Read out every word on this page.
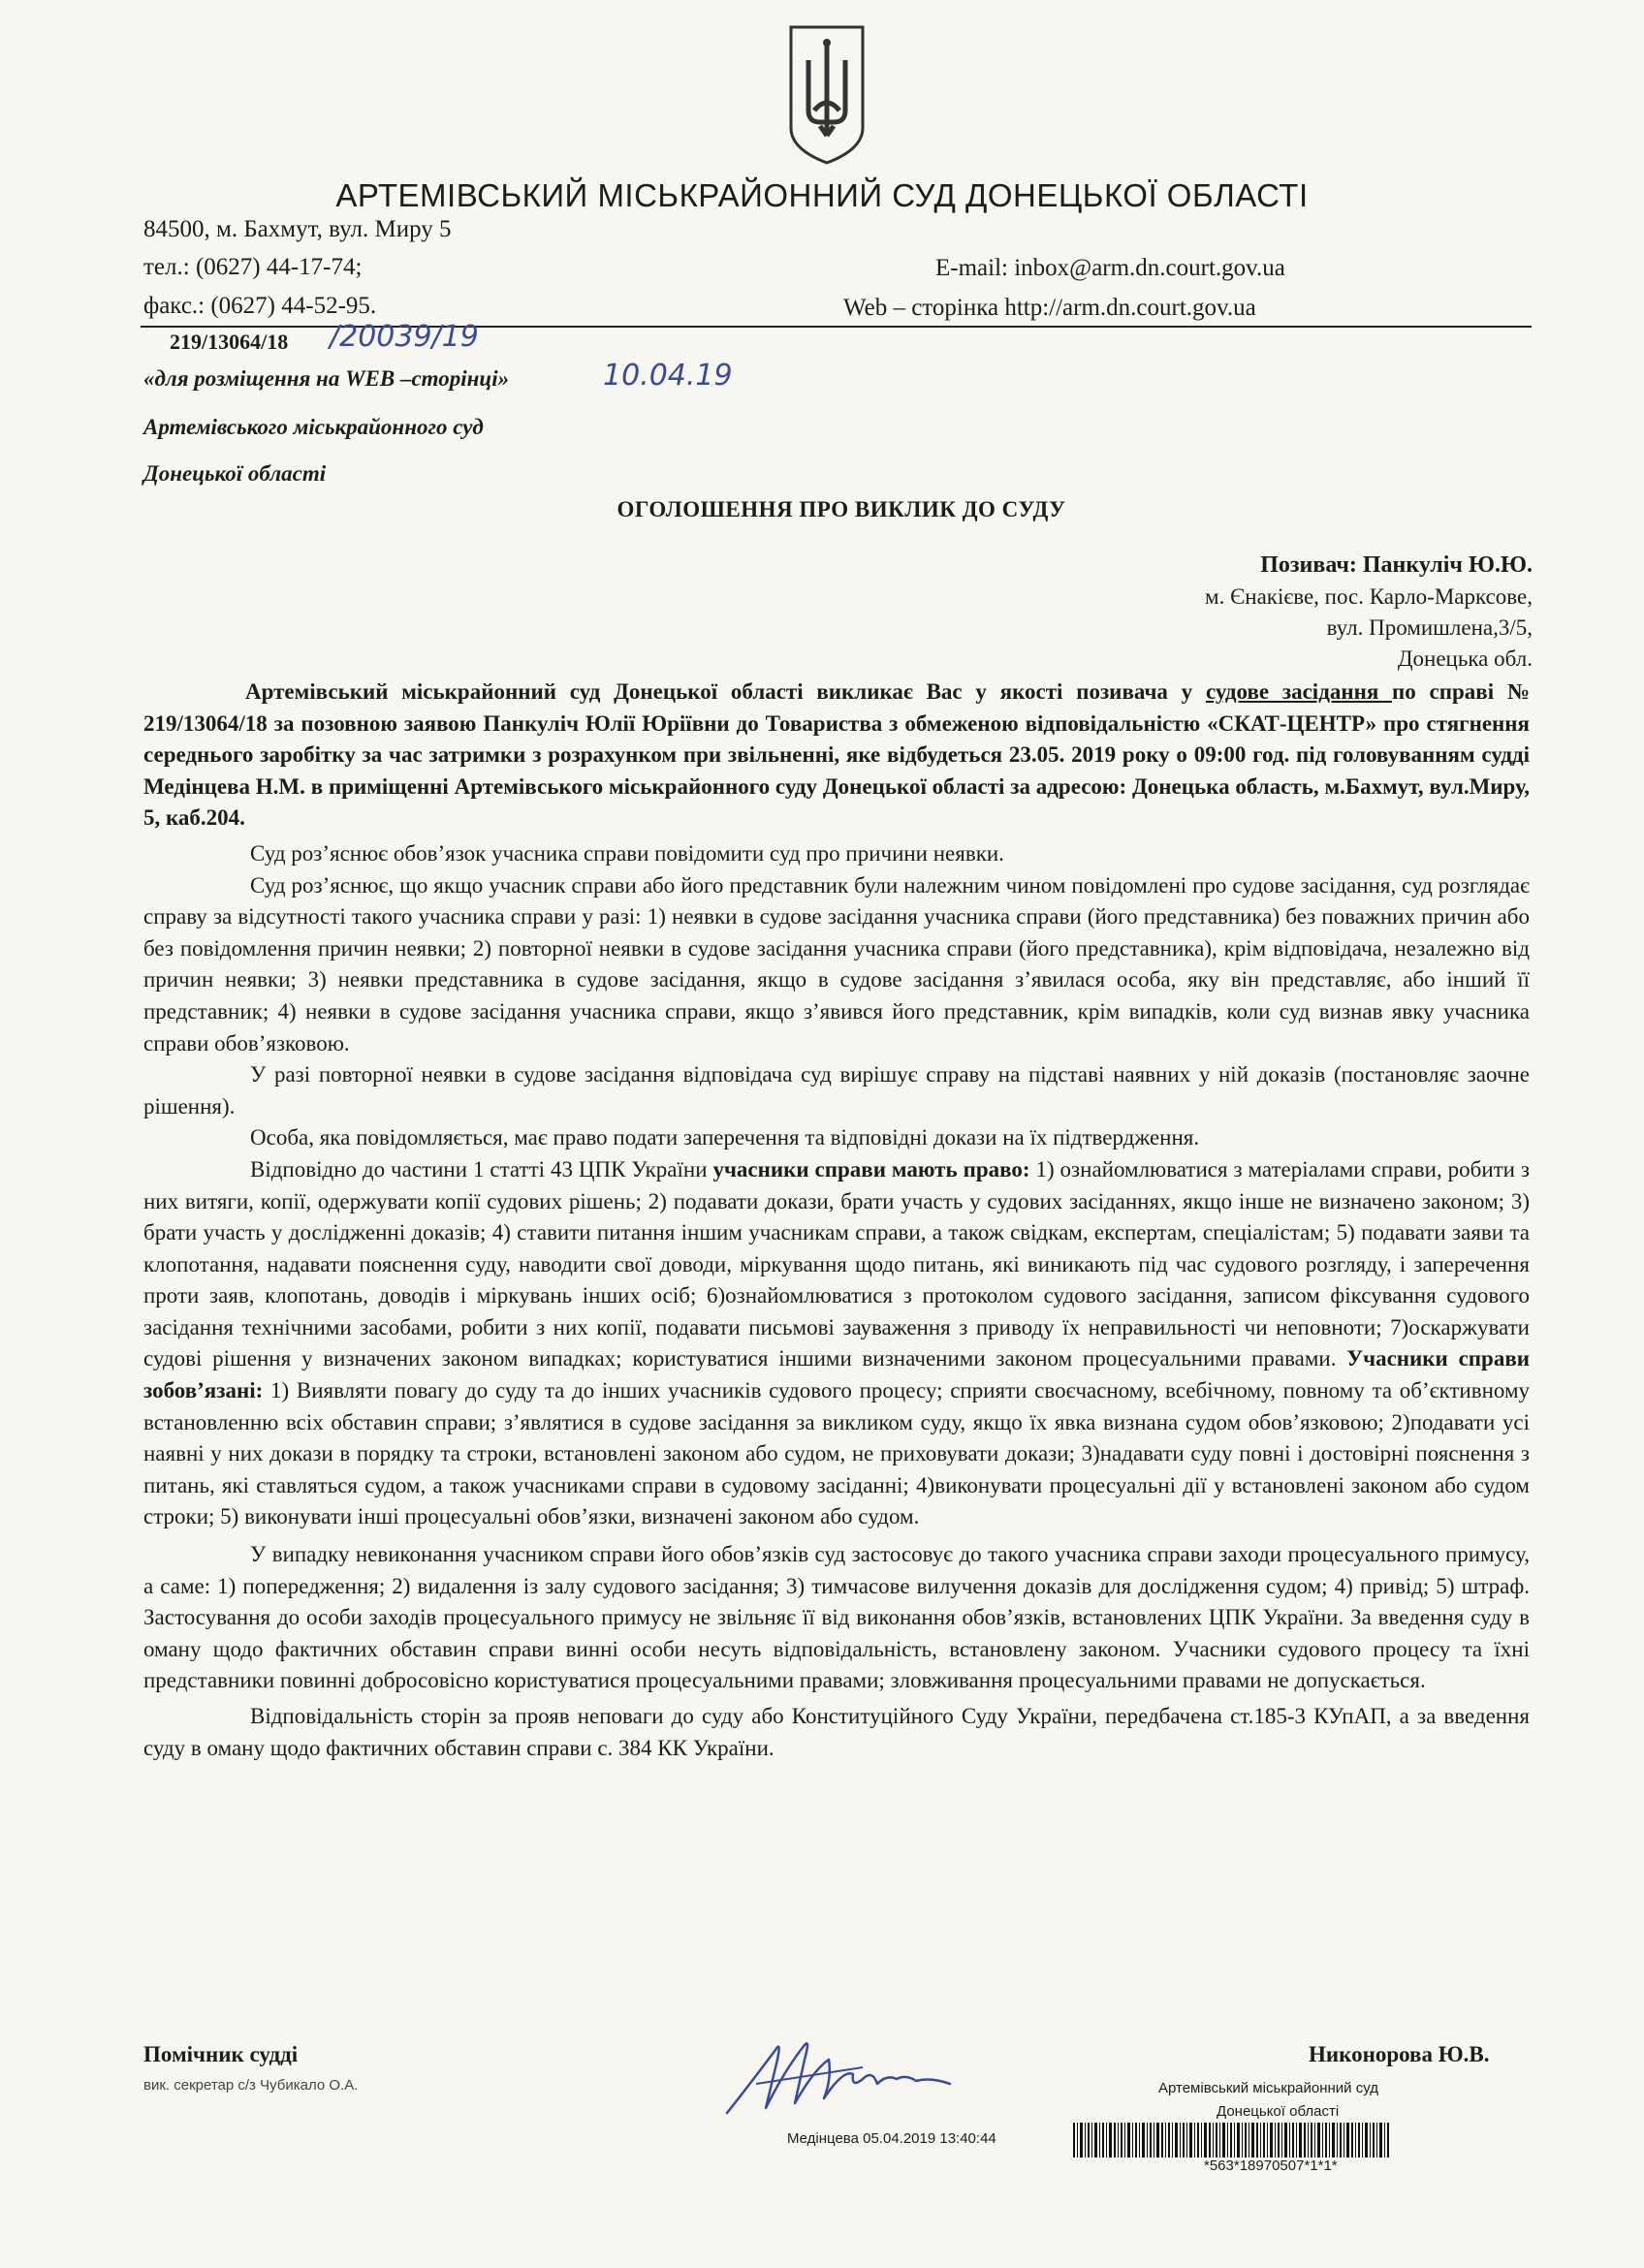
АРТЕМІВСЬКИЙ МІСЬКРАЙОННИЙ СУД ДОНЕЦЬКОЇ ОБЛАСТІ
84500, м. Бахмут, вул. Миру 5
тел.: (0627) 44-17-74;	E-mail: inbox@arm.dn.court.gov.ua
факс.: (0627) 44-52-95.	Web – сторінка http://arm.dn.court.gov.ua
219/13064/18 /20039/19
«для розміщення на WEB –сторінці»	10.04.19
Артемівського міськрайонного суд
Донецької області
ОГОЛОШЕННЯ ПРО ВИКЛИК ДО СУДУ
Позивач: Панкуліч Ю.Ю.
м. Єнакієве, пос. Карло-Марксове,
вул. Промишлена,3/5,
Донецька обл.

Артемівський міськрайонний суд Донецької області викликає Вас у якості позивача у судове засідання по справі № 219/13064/18 за позовною заявою Панкуліч Юлії Юріївни до Товариства з обмеженою відповідальністю «СКАТ-ЦЕНТР» про стягнення середнього заробітку за час затримки з розрахунком при звільненні, яке відбудеться 23.05. 2019 року о 09:00 год. під головуванням судді Медінцева Н.М. в приміщенні Артемівського міськрайонного суду Донецької області за адресою: Донецька область, м.Бахмут, вул.Миру, 5, каб.204.

Суд роз’яснює обов’язок учасника справи повідомити суд про причини неявки.

Суд роз’яснює, що якщо учасник справи або його представник були належним чином повідомлені про судове засідання, суд розглядає справу за відсутності такого учасника справи у разі: 1) неявки в судове засідання учасника справи (його представника) без поважних причин або без повідомлення причин неявки; 2) повторної неявки в судове засідання учасника справи (його представника), крім відповідача, незалежно від причин неявки; 3) неявки представника в судове засідання, якщо в судове засідання з’явилася особа, яку він представляє, або інший її представник; 4) неявки в судове засідання учасника справи, якщо з’явився його представник, крім випадків, коли суд визнав явку учасника справи обов’язковою.

У разі повторної неявки в судове засідання відповідача суд вирішує справу на підставі наявних у ній доказів (постановляє заочне рішення).

Особа, яка повідомляється, має право подати заперечення та відповідні докази на їх підтвердження.

Відповідно до частини 1 статті 43 ЦПК України учасники справи мають право: 1) ознайомлюватися з матеріалами справи, робити з них витяги, копії, одержувати копії судових рішень; 2) подавати докази, брати участь у судових засіданнях, якщо інше не визначено законом; 3) брати участь у дослідженні доказів; 4) ставити питання іншим учасникам справи, а також свідкам, експертам, спеціалістам; 5) подавати заяви та клопотання, надавати пояснення суду, наводити свої доводи, міркування щодо питань, які виникають під час судового розгляду, і заперечення проти заяв, клопотань, доводів і міркувань інших осіб; 6)ознайомлюватися з протоколом судового засідання, записом фіксування судового засідання технічними засобами, робити з них копії, подавати письмові зауваження з приводу їх неправильності чи неповноти; 7)оскаржувати судові рішення у визначених законом випадках; користуватися іншими визначеними законом процесуальними правами. Учасники справи зобов’язані: 1) Виявляти повагу до суду та до інших учасників судового процесу; сприяти своєчасному, всебічному, повному та об’єктивному встановленню всіх обставин справи; з’являтися в судове засідання за викликом суду, якщо їх явка визнана судом обов’язковою; 2)подавати усі наявні у них докази в порядку та строки, встановлені законом або судом, не приховувати докази; 3)надавати суду повні і достовірні пояснення з питань, які ставляться судом, а також учасниками справи в судовому засіданні; 4)виконувати процесуальні дії у встановлені законом або судом строки; 5) виконувати інші процесуальні обов’язки, визначені законом або судом.

У випадку невиконання учасником справи його обов’язків суд застосовує до такого учасника справи заходи процесуального примусу, а саме: 1) попередження; 2) видалення із залу судового засідання; 3) тимчасове вилучення доказів для дослідження судом; 4) привід; 5) штраф. Застосування до особи заходів процесуального примусу не звільняє її від виконання обов’язків, встановлених ЦПК України. За введення суду в оману щодо фактичних обставин справи винні особи несуть відповідальність, встановлену законом. Учасники судового процесу та їхні представники повинні добросовісно користуватися процесуальними правами; зловживання процесуальними правами не допускається.

Відповідальність сторін за прояв неповаги до суду або Конституційного Суду України, передбачена ст.185-3 КУпАП, а за введення суду в оману щодо фактичних обставин справи с. 384 КК України.

Помічник судді
вик. секретар с/з Чубикало О.А.
Никонорова Ю.В.
Артемівський міськрайонний суд
Донецької області
Медінцева 05.04.2019 13:40:44
*563*18970507*1*1*
